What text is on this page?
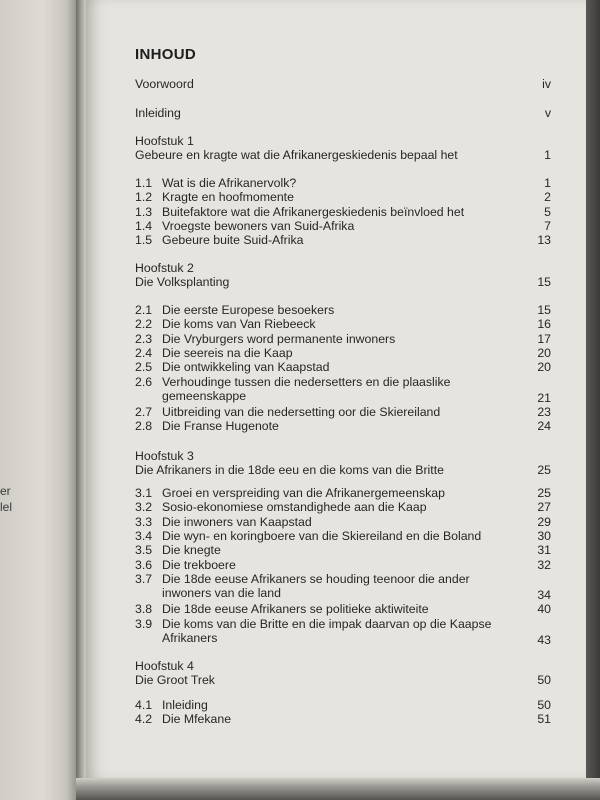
er
lel
INHOUD
Voorwoord	iv
Inleiding	v
Hoofstuk 1
Gebeure en kragte wat die Afrikanergeskiedenis bepaal het	1
1.1 Wat is die Afrikanervolk?	1
1.2 Kragte en hoofmomente	2
1.3 Buitefaktore wat die Afrikanergeskiedenis beïnvloed het	5
1.4 Vroegste bewoners van Suid-Afrika	7
1.5 Gebeure buite Suid-Afrika	13
Hoofstuk 2
Die Volksplanting	15
2.1 Die eerste Europese besoekers	15
2.2 Die koms van Van Riebeeck	16
2.3 Die Vryburgers word permanente inwoners	17
2.4 Die seereis na die Kaap	20
2.5 Die ontwikkeling van Kaapstad	20
2.6 Verhoudinge tussen die nedersetters en die plaaslike
gemeenskappe	21
2.7 Uitbreiding van die nedersetting oor die Skiereiland	23
2.8 Die Franse Hugenote	24
Hoofstuk 3
Die Afrikaners in die 18de eeu en die koms van die Britte	25
3.1 Groei en verspreiding van die Afrikanergemeenskap	25
3.2 Sosio-ekonomiese omstandighede aan die Kaap	27
3.3 Die inwoners van Kaapstad	29
3.4 Die wyn- en koringboere van die Skiereiland en die Boland	30
3.5 Die knegte	31
3.6 Die trekboere	32
3.7 Die 18de eeuse Afrikaners se houding teenoor die ander
inwoners van die land	34
3.8 Die 18de eeuse Afrikaners se politieke aktiwiteite	40
3.9 Die koms van die Britte en die impak daarvan op die Kaapse
Afrikaners	43
Hoofstuk 4
Die Groot Trek	50
4.1 Inleiding	50
4.2 Die Mfekane	51
